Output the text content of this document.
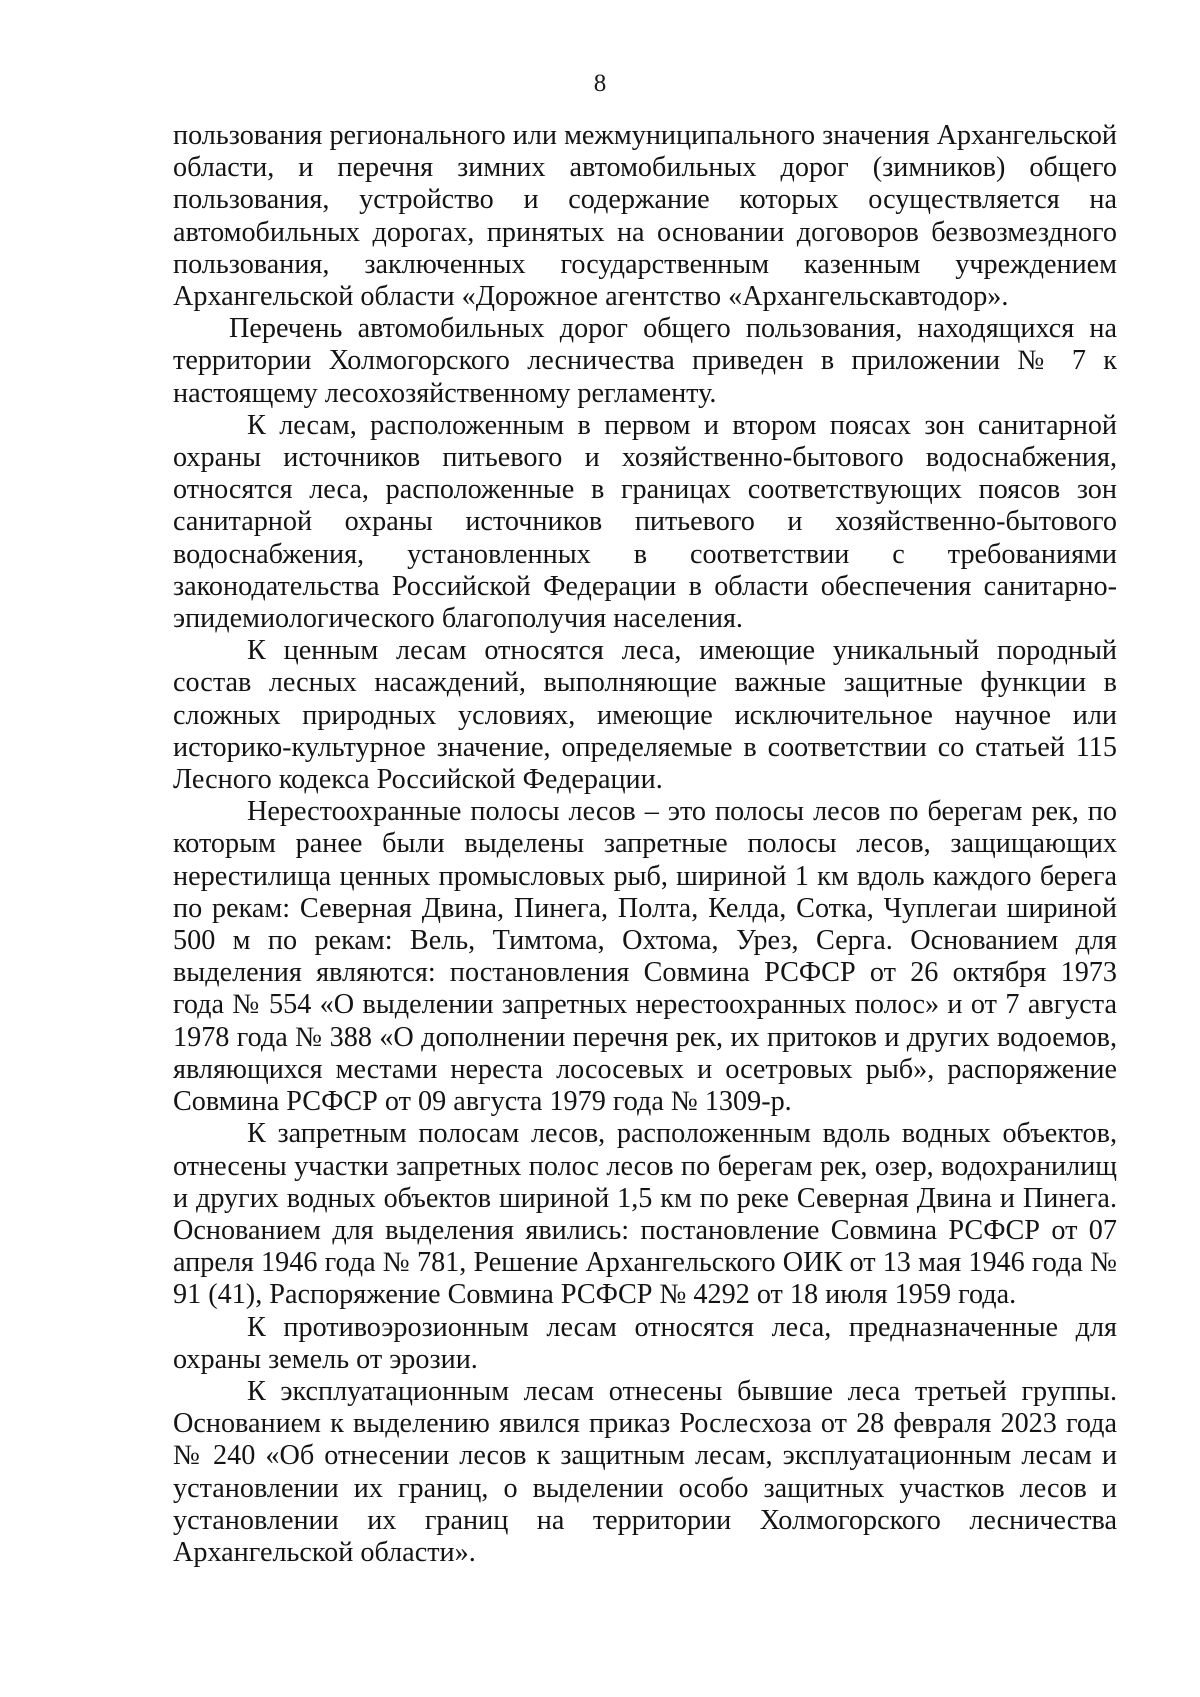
8

пользования регионального или межмуниципального значения Архангельской области, и перечня зимних автомобильных дорог (зимников) общего пользования, устройство и содержание которых осуществляется на автомобильных дорогах, принятых на основании договоров безвозмездного пользования, заключенных государственным казенным учреждением Архангельской области «Дорожное агентство «Архангельскавтодор».

Перечень автомобильных дорог общего пользования, находящихся на территории Холмогорского лесничества приведен в приложении № 7 к настоящему лесохозяйственному регламенту.

К лесам, расположенным в первом и втором поясах зон санитарной охраны источников питьевого и хозяйственно-бытового водоснабжения, относятся леса, расположенные в границах соответствующих поясов зон санитарной охраны источников питьевого и хозяйственно-бытового водоснабжения, установленных в соответствии с требованиями законодательства Российской Федерации в области обеспечения санитарно-эпидемиологического благополучия населения.

К ценным лесам относятся леса, имеющие уникальный породный состав лесных насаждений, выполняющие важные защитные функции в сложных природных условиях, имеющие исключительное научное или историко-культурное значение, определяемые в соответствии со статьей 115 Лесного кодекса Российской Федерации.

Нерестоохранные полосы лесов – это полосы лесов по берегам рек, по которым ранее были выделены запретные полосы лесов, защищающих нерестилища ценных промысловых рыб, шириной 1 км вдоль каждого берега по рекам: Северная Двина, Пинега, Полта, Келда, Сотка, Чуплегаи шириной 500 м по рекам: Вель, Тимтома, Охтома, Урез, Серга. Основанием для выделения являются: постановления Совмина РСФСР от 26 октября 1973 года № 554 «О выделении запретных нерестоохранных полос» и от 7 августа 1978 года № 388 «О дополнении перечня рек, их притоков и других водоемов, являющихся местами нереста лососевых и осетровых рыб», распоряжение Совмина РСФСР от 09 августа 1979 года № 1309-р.

К запретным полосам лесов, расположенным вдоль водных объектов, отнесены участки запретных полос лесов по берегам рек, озер, водохранилищ и других водных объектов шириной 1,5 км по реке Северная Двина и Пинега. Основанием для выделения явились: постановление Совмина РСФСР от 07 апреля 1946 года № 781, Решение Архангельского ОИК от 13 мая 1946 года № 91 (41), Распоряжение Совмина РСФСР № 4292 от 18 июля 1959 года.

К противоэрозионным лесам относятся леса, предназначенные для охраны земель от эрозии.

К эксплуатационным лесам отнесены бывшие леса третьей группы. Основанием к выделению явился приказ Рослесхоза от 28 февраля 2023 года № 240 «Об отнесении лесов к защитным лесам, эксплуатационным лесам и установлении их границ, о выделении особо защитных участков лесов и установлении их границ на территории Холмогорского лесничества Архангельской области».
